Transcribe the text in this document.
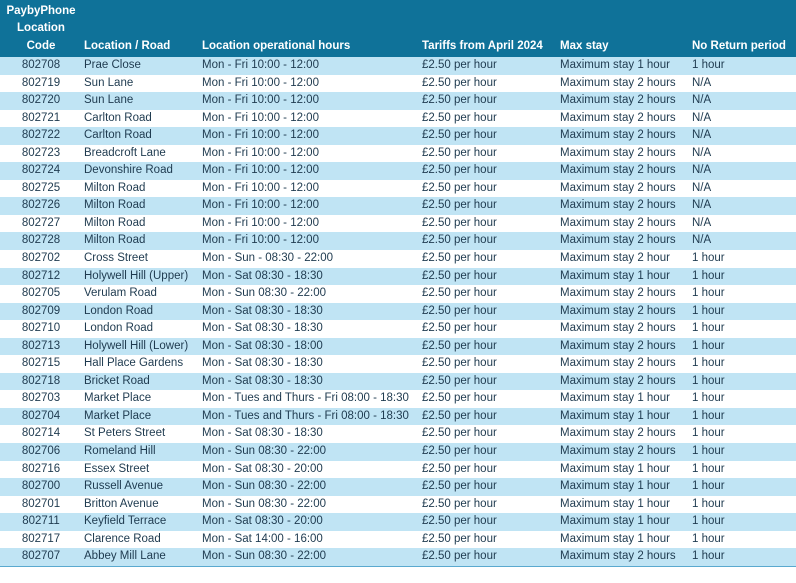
PaybyPhone Location Code	Location / Road	Location operational hours	Tariffs from April 2024	Max stay	No Return period
802708	Prae Close	Mon - Fri 10:00 - 12:00	£2.50 per hour	Maximum stay 1 hour	1 hour
802719	Sun Lane	Mon - Fri 10:00 - 12:00	£2.50 per hour	Maximum stay 2 hours	N/A
802720	Sun Lane	Mon - Fri 10:00 - 12:00	£2.50 per hour	Maximum stay 2 hours	N/A
802721	Carlton Road	Mon - Fri 10:00 - 12:00	£2.50 per hour	Maximum stay 2 hours	N/A
802722	Carlton Road	Mon - Fri 10:00 - 12:00	£2.50 per hour	Maximum stay 2 hours	N/A
802723	Breadcroft Lane	Mon - Fri 10:00 - 12:00	£2.50 per hour	Maximum stay 2 hours	N/A
802724	Devonshire Road	Mon - Fri 10:00 - 12:00	£2.50 per hour	Maximum stay 2 hours	N/A
802725	Milton Road	Mon - Fri 10:00 - 12:00	£2.50 per hour	Maximum stay 2 hours	N/A
802726	Milton Road	Mon - Fri 10:00 - 12:00	£2.50 per hour	Maximum stay 2 hours	N/A
802727	Milton Road	Mon - Fri 10:00 - 12:00	£2.50 per hour	Maximum stay 2 hours	N/A
802728	Milton Road	Mon - Fri 10:00 - 12:00	£2.50 per hour	Maximum stay 2 hours	N/A
802702	Cross Street	Mon - Sun - 08:30 - 22:00	£2.50 per hour	Maximum stay 2 hour	1 hour
802712	Holywell Hill (Upper)	Mon - Sat 08:30 - 18:30	£2.50 per hour	Maximum stay 1 hour	1 hour
802705	Verulam Road	Mon - Sun 08:30 - 22:00	£2.50 per hour	Maximum stay 2 hours	1 hour
802709	London Road	Mon - Sat 08:30 - 18:30	£2.50 per hour	Maximum stay 2 hours	1 hour
802710	London Road	Mon - Sat 08:30 - 18:30	£2.50 per hour	Maximum stay 2 hours	1 hour
802713	Holywell Hill (Lower)	Mon - Sat 08:30 - 18:00	£2.50 per hour	Maximum stay 2 hours	1 hour
802715	Hall Place Gardens	Mon - Sat 08:30 - 18:30	£2.50 per hour	Maximum stay 2 hours	1 hour
802718	Bricket Road	Mon - Sat 08:30 - 18:30	£2.50 per hour	Maximum stay 2 hours	1 hour
802703	Market Place	Mon - Tues and Thurs - Fri 08:00 - 18:30	£2.50 per hour	Maximum stay 1 hour	1 hour
802704	Market Place	Mon - Tues and Thurs - Fri 08:00 - 18:30	£2.50 per hour	Maximum stay 1 hour	1 hour
802714	St Peters Street	Mon - Sat 08:30 - 18:30	£2.50 per hour	Maximum stay 2 hours	1 hour
802706	Romeland Hill	Mon - Sun 08:30 - 22:00	£2.50 per hour	Maximum stay 2 hours	1 hour
802716	Essex Street	Mon - Sat 08:30 - 20:00	£2.50 per hour	Maximum stay 1 hour	1 hour
802700	Russell Avenue	Mon - Sun 08:30 - 22:00	£2.50 per hour	Maximum stay 1 hour	1 hour
802701	Britton Avenue	Mon - Sun 08:30 - 22:00	£2.50 per hour	Maximum stay 1 hour	1 hour
802711	Keyfield Terrace	Mon - Sat 08:30 - 20:00	£2.50 per hour	Maximum stay 1 hour	1 hour
802717	Clarence Road	Mon - Sat 14:00 - 16:00	£2.50 per hour	Maximum stay 1 hour	1 hour
802707	Abbey Mill Lane	Mon - Sun 08:30 - 22:00	£2.50 per hour	Maximum stay 2 hours	1 hour
